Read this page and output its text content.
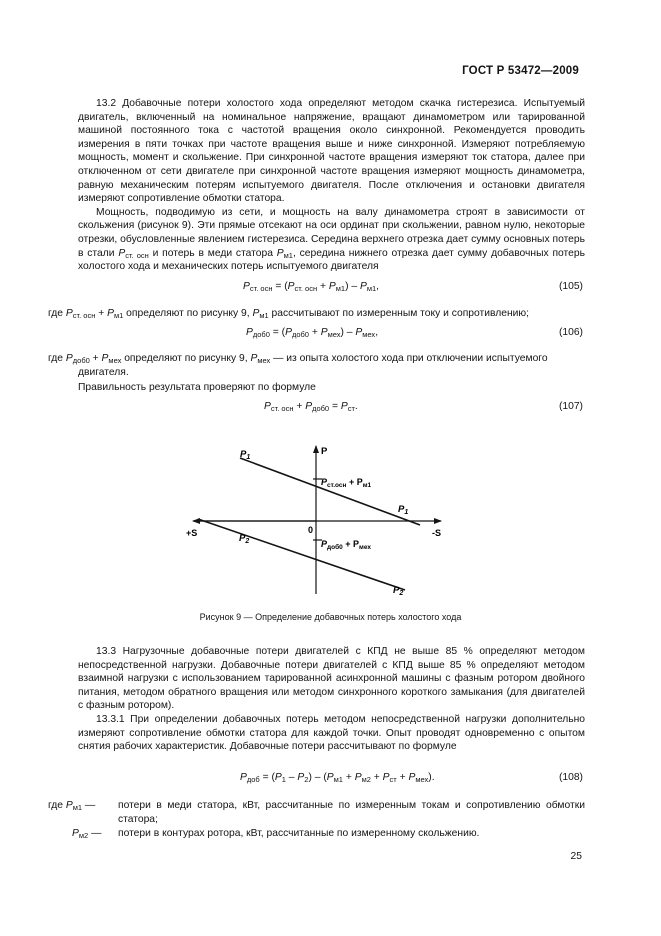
ГОСТ Р 53472—2009

13.2 Добавочные потери холостого хода определяют методом скачка гистерезиса. Испытуемый двигатель, включенный на номинальное напряжение, вращают динамометром или тарированной машиной постоянного тока с частотой вращения около синхронной. Рекомендуется проводить измерения в пяти точках при частоте вращения выше и ниже синхронной. Измеряют потребляемую мощность, момент и скольжение. При синхронной частоте вращения измеряют ток статора, далее при отключенном от сети двигателе при синхронной частоте вращения измеряют мощность динамометра, равную механическим потерям испытуемого двигателя. После отключения и остановки двигателя измеряют сопротивление обмотки статора.

Мощность, подводимую из сети, и мощность на валу динамометра строят в зависимости от скольжения (рисунок 9). Эти прямые отсекают на оси ординат при скольжении, равном нулю, некоторые отрезки, обусловленные явлением гистерезиса. Середина верхнего отрезка дает сумму основных потерь в стали $P_{ст. осн}$ и потерь в меди статора $P_{м1}$, середина нижнего отрезка дает сумму добавочных потерь холостого хода и механических потерь испытуемого двигателя

$P_{ст. осн} = (P_{ст. осн} + P_{м1}) - P_{м1}$,	(105)
где $P_{ст. осн} + P_{м1}$ определяют по рисунку 9, $P_{м1}$ рассчитывают по измеренным току и сопротивлению;
$P_{доб0} = (P_{доб0} + P_{мех}) - P_{мех}$,	(106)
где $P_{доб0} + P_{мех}$ определяют по рисунку 9, $P_{мех}$ — из опыта холостого хода при отключении испытуемого
двигателя.
Правильность результата проверяют по формуле
$P_{ст. осн} + P_{доб0} = P_{ст}$.	(107)
P
0
+S	-S
$P_1$
$P_1$
$P_2$
$P_2$
$P_{ст.осн} + P_{м1}$
$P_{доб0} + P_{мех}$
Рисунок 9 — Определение добавочных потерь холостого хода

13.3 Нагрузочные добавочные потери двигателей с КПД не выше 85 % определяют методом непосредственной нагрузки. Добавочные потери двигателей с КПД выше 85 % определяют методом взаимной нагрузки с использованием тарированной асинхронной машины с фазным ротором двойного питания, методом обратного вращения или методом синхронного короткого замыкания (для двигателей с фазным ротором).

13.3.1 При определении добавочных потерь методом непосредственной нагрузки дополнительно измеряют сопротивление обмотки статора для каждой точки. Опыт проводят одновременно с опытом снятия рабочих характеристик. Добавочные потери рассчитывают по формуле

$P_{доб} = (P_1 - P_2) - (P_{м1} + P_{м2} + P_{ст} + P_{мех})$.	(108)
где $P_{м1}$ — потери в меди статора, кВт, рассчитанные по измеренным токам и сопротивлению обмотки статора;
$P_{м2}$ — потери в контурах ротора, кВт, рассчитанные по измеренному скольжению.
25
